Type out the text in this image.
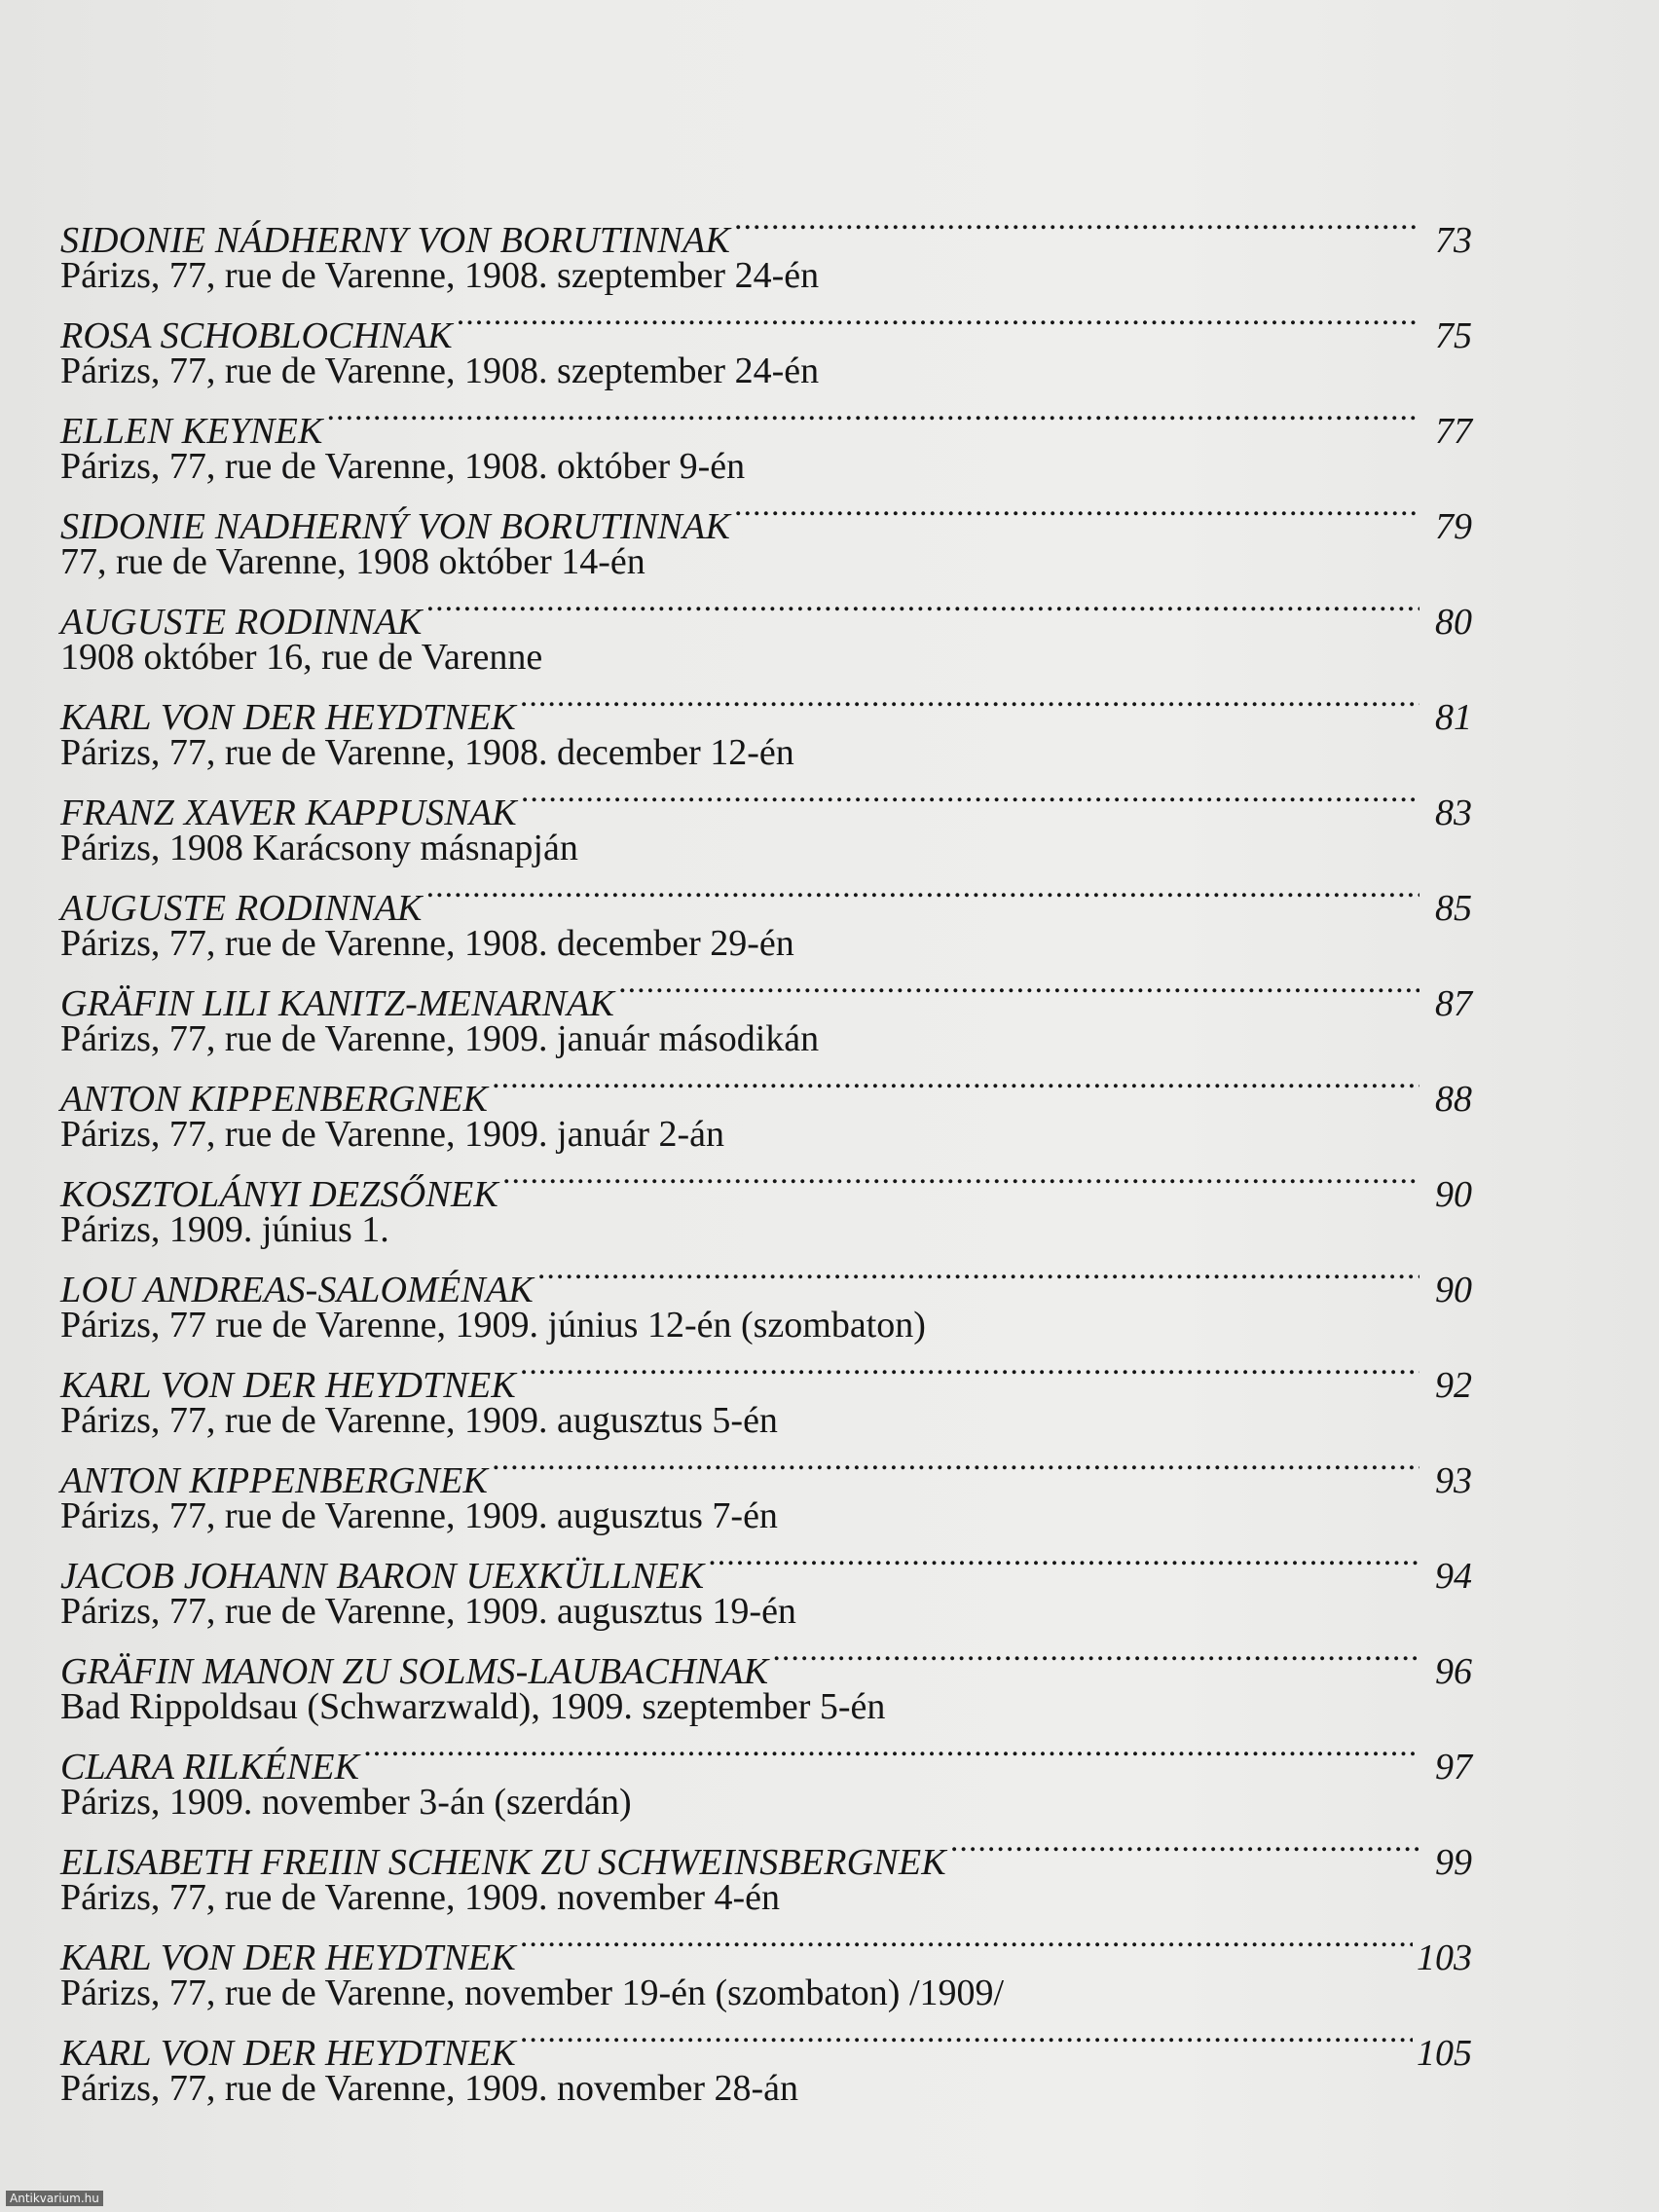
SIDONIE NÁDHERNY VON BORUTINNAK .....	73
Párizs, 77, rue de Varenne, 1908. szeptember 24-én
ROSA SCHOBLOCHNAK .....	75
Párizs, 77, rue de Varenne, 1908. szeptember 24-én
ELLEN KEYNEK .....	77
Párizs, 77, rue de Varenne, 1908. október 9-én
SIDONIE NADHERNÝ VON BORUTINNAK .....	79
77, rue de Varenne, 1908 október 14-én
AUGUSTE RODINNAK .....	80
1908 október 16, rue de Varenne
KARL VON DER HEYDTNEK .....	81
Párizs, 77, rue de Varenne, 1908. december 12-én
FRANZ XAVER KAPPUSNAK .....	83
Párizs, 1908 Karácsony másnapján
AUGUSTE RODINNAK .....	85
Párizs, 77, rue de Varenne, 1908. december 29-én
GRÄFIN LILI KANITZ-MENARNAK .....	87
Párizs, 77, rue de Varenne, 1909. január másodikán
ANTON KIPPENBERGNEK .....	88
Párizs, 77, rue de Varenne, 1909. január 2-án
KOSZTOLÁNYI DEZSŐNEK .....	90
Párizs, 1909. június 1.
LOU ANDREAS-SALOMÉNAK .....	90
Párizs, 77 rue de Varenne, 1909. június 12-én (szombaton)
KARL VON DER HEYDTNEK .....	92
Párizs, 77, rue de Varenne, 1909. augusztus 5-én
ANTON KIPPENBERGNEK .....	93
Párizs, 77, rue de Varenne, 1909. augusztus 7-én
JACOB JOHANN BARON UEXKÜLLNEK .....	94
Párizs, 77, rue de Varenne, 1909. augusztus 19-én
GRÄFIN MANON ZU SOLMS-LAUBACHNAK .....	96
Bad Rippoldsau (Schwarzwald), 1909. szeptember 5-én
CLARA RILKÉNEK .....	97
Párizs, 1909. november 3-án (szerdán)
ELISABETH FREIIN SCHENK ZU SCHWEINSBERGNEK .....	99
Párizs, 77, rue de Varenne, 1909. november 4-én
KARL VON DER HEYDTNEK .....	103
Párizs, 77, rue de Varenne, november 19-én (szombaton) /1909/
KARL VON DER HEYDTNEK .....	105
Párizs, 77, rue de Varenne, 1909. november 28-án
Antikvarium.hu
